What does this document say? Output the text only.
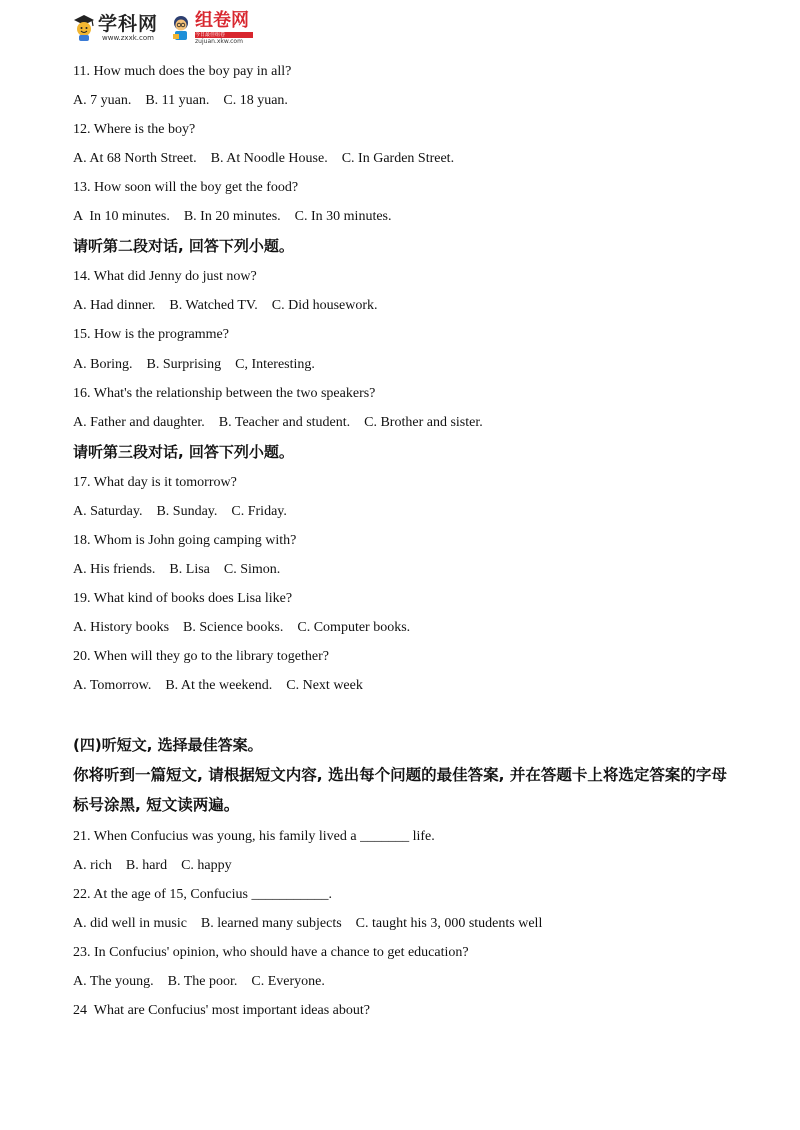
学科网
www.zxxk.com
组卷网
今日最佳组卷
zujuan.xkw.com
11. How much does the boy pay in all?
A. 7 yuan.    B. 11 yuan.    C. 18 yuan.
12. Where is the boy?
A. At 68 North Street.    B. At Noodle House.    C. In Garden Street.
13. How soon will the boy get the food?
A  In 10 minutes.    B. In 20 minutes.    C. In 30 minutes.
请听第二段对话, 回答下列小题。
14. What did Jenny do just now?
A. Had dinner.    B. Watched TV.    C. Did housework.
15. How is the programme?
A. Boring.    B. Surprising    C, Interesting.
16. What's the relationship between the two speakers?
A. Father and daughter.    B. Teacher and student.    C. Brother and sister.
请听第三段对话, 回答下列小题。
17. What day is it tomorrow?
A. Saturday.    B. Sunday.    C. Friday.
18. Whom is John going camping with?
A. His friends.    B. Lisa    C. Simon.
19. What kind of books does Lisa like?
A. History books    B. Science books.    C. Computer books.
20. When will they go to the library together?
A. Tomorrow.    B. At the weekend.    C. Next week
(四)听短文, 选择最佳答案。
你将听到一篇短文, 请根据短文内容, 选出每个问题的最佳答案, 并在答题卡上将选定答案的字母标号涂黑, 短文读两遍。
21. When Confucius was young, his family lived a _______ life.
A. rich    B. hard    C. happy
22. At the age of 15, Confucius ___________.
A. did well in music    B. learned many subjects    C. taught his 3, 000 students well
23. In Confucius' opinion, who should have a chance to get education?
A. The young.    B. The poor.    C. Everyone.
24  What are Confucius' most important ideas about?
